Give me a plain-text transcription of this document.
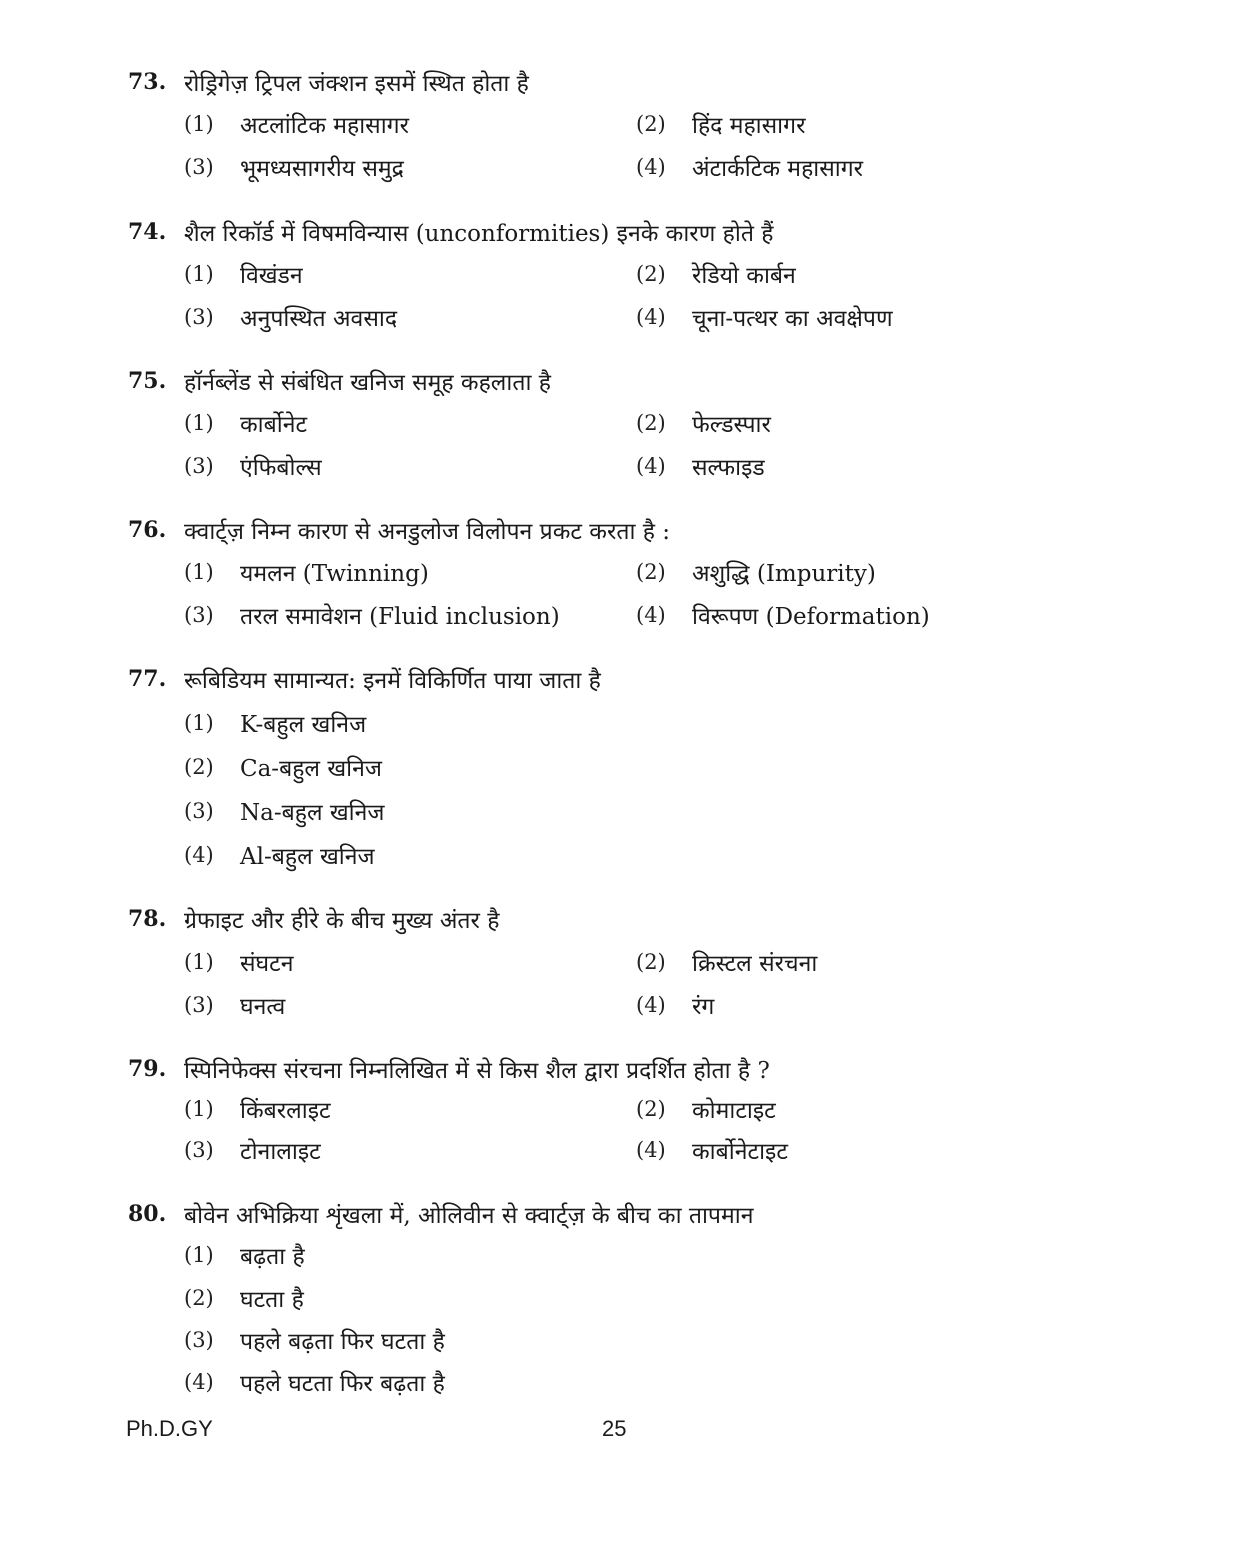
73. रोड्रिगेज़ ट्रिपल जंक्शन इसमें स्थित होता है
(1)	अटलांटिक महासागर	(2)	हिंद महासागर
(3)	भूमध्यसागरीय समुद्र	(4)	अंटार्कटिक महासागर
74. शैल रिकॉर्ड में विषमविन्यास (unconformities) इनके कारण होते हैं
(1)	विखंडन	(2)	रेडियो कार्बन
(3)	अनुपस्थित अवसाद	(4)	चूना-पत्थर का अवक्षेपण
75. हॉर्नब्लेंड से संबंधित खनिज समूह कहलाता है
(1)	कार्बोनेट	(2)	फेल्डस्पार
(3)	एंफिबोल्स	(4)	सल्फाइड
76. क्वार्ट्ज़ निम्न कारण से अनडुलोज विलोपन प्रकट करता है :
(1)	यमलन (Twinning)	(2)	अशुद्धि (Impurity)
(3)	तरल समावेशन (Fluid inclusion)	(4)	विरूपण (Deformation)
77. रूबिडियम सामान्यत: इनमें विकिर्णित पाया जाता है
(1)	K-बहुल खनिज
(2)	Ca-बहुल खनिज
(3)	Na-बहुल खनिज
(4)	Al-बहुल खनिज
78. ग्रेफाइट और हीरे के बीच मुख्य अंतर है
(1)	संघटन	(2)	क्रिस्टल संरचना
(3)	घनत्व	(4)	रंग
79. स्पिनिफेक्स संरचना निम्नलिखित में से किस शैल द्वारा प्रदर्शित होता है ?
(1)	किंबरलाइट	(2)	कोमाटाइट
(3)	टोनालाइट	(4)	कार्बोनेटाइट
80. बोवेन अभिक्रिया शृंखला में, ओलिवीन से क्वार्ट्ज़ के बीच का तापमान
(1)	बढ़ता है
(2)	घटता है
(3)	पहले बढ़ता फिर घटता है
(4)	पहले घटता फिर बढ़ता है
Ph.D.GY	25
